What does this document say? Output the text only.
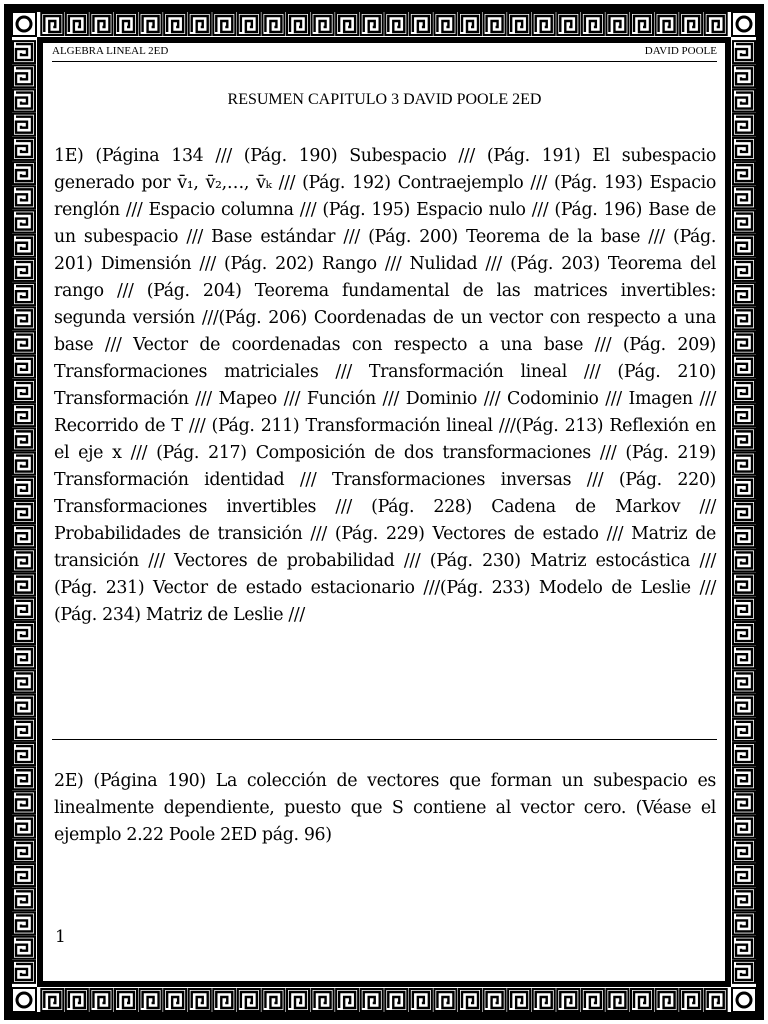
ALGEBRA LINEAL 2ED	DAVID POOLE
RESUMEN CAPITULO 3 DAVID POOLE 2ED
1E) (Página 134 /// (Pág. 190) Subespacio /// (Pág. 191) El subespacio generado por v̄₁, v̄₂,…, v̄ₖ /// (Pág. 192) Contraejemplo /// (Pág. 193) Espacio renglón /// Espacio columna /// (Pág. 195) Espacio nulo /// (Pág. 196) Base de un subespacio /// Base estándar /// (Pág. 200) Teorema de la base /// (Pág. 201) Dimensión /// (Pág. 202) Rango /// Nulidad /// (Pág. 203) Teorema del rango /// (Pág. 204) Teorema fundamental de las matrices invertibles: segunda versión ///(Pág. 206) Coordenadas de un vector con respecto a una base /// Vector de coordenadas con respecto a una base /// (Pág. 209) Transformaciones matriciales /// Transformación lineal /// (Pág. 210) Transformación /// Mapeo /// Función /// Dominio /// Codominio /// Imagen /// Recorrido de T /// (Pág. 211) Transformación lineal ///(Pág. 213) Reflexión en el eje x /// (Pág. 217) Composición de dos transformaciones /// (Pág. 219) Transformación identidad /// Transformaciones inversas /// (Pág. 220) Transformaciones invertibles /// (Pág. 228) Cadena de Markov /// Probabilidades de transición /// (Pág. 229) Vectores de estado /// Matriz de transición /// Vectores de probabilidad /// (Pág. 230) Matriz estocástica /// (Pág. 231) Vector de estado estacionario ///(Pág. 233) Modelo de Leslie /// (Pág. 234) Matriz de Leslie ///
2E) (Página 190) La colección de vectores que forman un subespacio es linealmente dependiente, puesto que S contiene al vector cero. (Véase el ejemplo 2.22 Poole 2ED pág. 96)
1
